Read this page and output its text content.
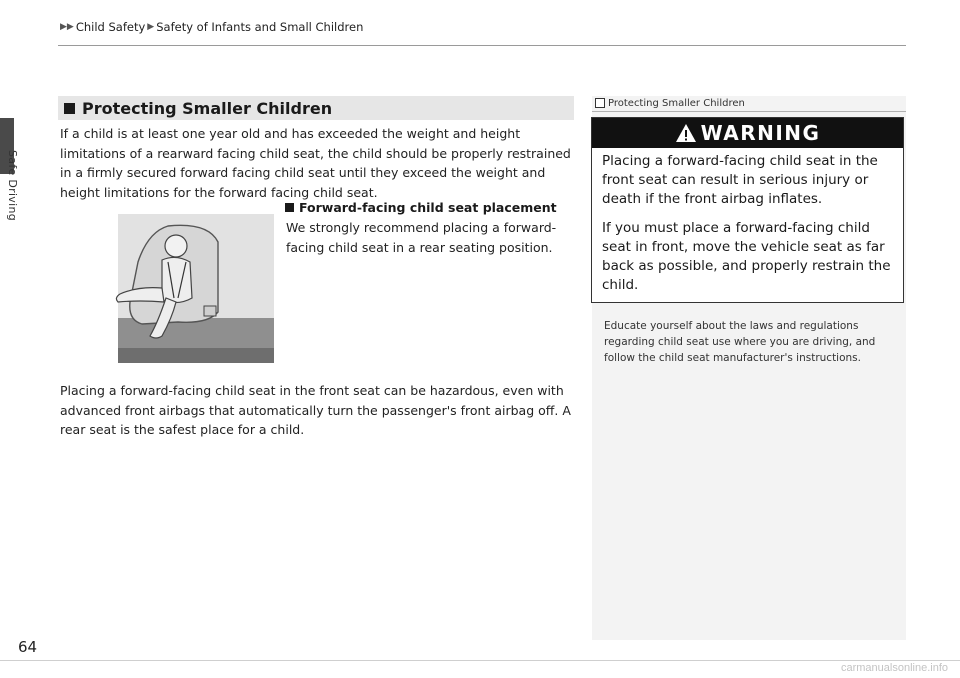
▶▶ Child Safety ▶ Safety of Infants and Small Children
Safe Driving
Protecting Smaller Children
If a child is at least one year old and has exceeded the weight and height limitations of a rearward facing child seat, the child should be properly restrained in a firmly secured forward facing child seat until they exceed the weight and height limitations for the forward facing child seat.
Forward-facing child seat placement
We strongly recommend placing a forward-facing child seat in a rear seating position.
Placing a forward-facing child seat in the front seat can be hazardous, even with advanced front airbags that automatically turn the passenger's front airbag off. A rear seat is the safest place for a child.
Protecting Smaller Children
WARNING

Placing a forward-facing child seat in the front seat can result in serious injury or death if the front airbag inflates.

If you must place a forward-facing child seat in front, move the vehicle seat as far back as possible, and properly restrain the child.

Educate yourself about the laws and regulations regarding child seat use where you are driving, and follow the child seat manufacturer's instructions.
64
carmanualsonline.info
